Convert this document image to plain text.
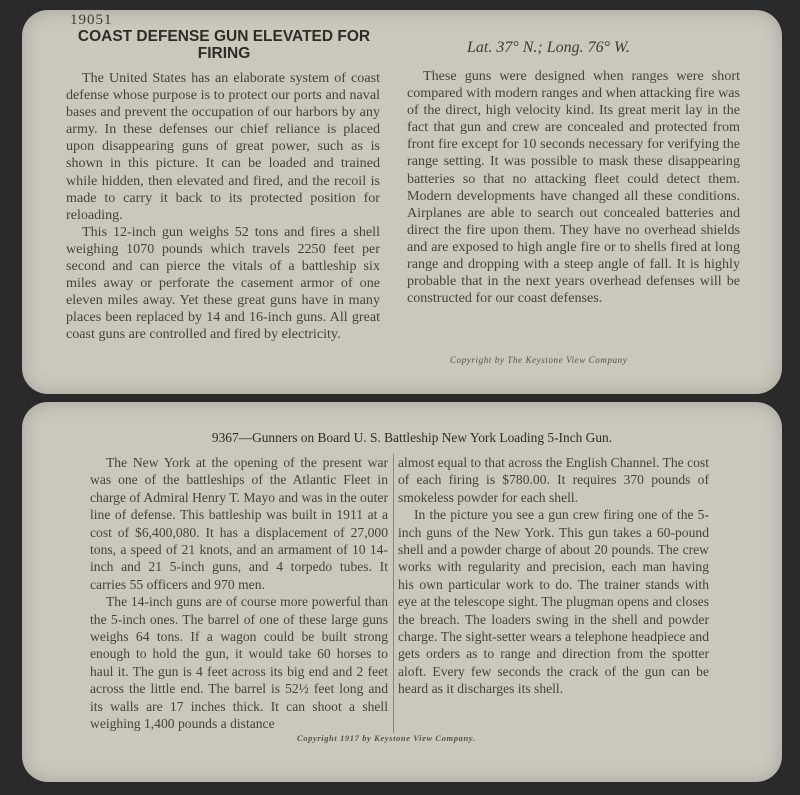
19051
COAST DEFENSE GUN ELEVATED FOR FIRING	Lat. 37° N.; Long. 76° W.

The United States has an elaborate system of coast defense whose purpose is to protect our ports and naval bases and prevent the occupation of our harbors by any army. In these defenses our chief reliance is placed upon disappearing guns of great power, such as is shown in this picture. It can be loaded and trained while hidden, then elevated and fired, and the recoil is made to carry it back to its protected position for reloading.

This 12-inch gun weighs 52 tons and fires a shell weighing 1070 pounds which travels 2250 feet per second and can pierce the vitals of a battleship six miles away or perforate the casement armor of one eleven miles away. Yet these great guns have in many places been replaced by 14 and 16-inch guns. All great coast guns are controlled and fired by electricity.

These guns were designed when ranges were short compared with modern ranges and when attacking fire was of the direct, high velocity kind. Its great merit lay in the fact that gun and crew are concealed and protected from front fire except for 10 seconds necessary for verifying the range setting. It was possible to mask these disappearing batteries so that no attacking fleet could detect them. Modern developments have changed all these conditions. Airplanes are able to search out concealed batteries and direct the fire upon them. They have no overhead shields and are exposed to high angle fire or to shells fired at long range and dropping with a steep angle of fall. It is highly probable that in the next years overhead defenses will be constructed for our coast defenses.

Copyright by The Keystone View Company
9367—Gunners on Board U. S. Battleship New York Loading 5-Inch Gun.

The New York at the opening of the present war was one of the battleships of the Atlantic Fleet in charge of Admiral Henry T. Mayo and was in the outer line of defense. This battleship was built in 1911 at a cost of $6,400,080. It has a displacement of 27,000 tons, a speed of 21 knots, and an armament of 10 14-inch and 21 5-inch guns, and 4 torpedo tubes. It carries 55 officers and 970 men.

The 14-inch guns are of course more powerful than the 5-inch ones. The barrel of one of these large guns weighs 64 tons. If a wagon could be built strong enough to hold the gun, it would take 60 horses to haul it. The gun is 4 feet across its big end and 2 feet across the little end. The barrel is 52½ feet long and its walls are 17 inches thick. It can shoot a shell weighing 1,400 pounds a distance

almost equal to that across the English Channel. The cost of each firing is $780.00. It requires 370 pounds of smokeless powder for each shell.

In the picture you see a gun crew firing one of the 5-inch guns of the New York. This gun takes a 60-pound shell and a powder charge of about 20 pounds. The crew works with regularity and precision, each man having his own particular work to do. The trainer stands with eye at the telescope sight. The plugman opens and closes the breach. The loaders swing in the shell and powder charge. The sight-setter wears a telephone headpiece and gets orders as to range and direction from the spotter aloft. Every few seconds the crack of the gun can be heard as it discharges its shell.

Copyright 1917 by Keystone View Company.
